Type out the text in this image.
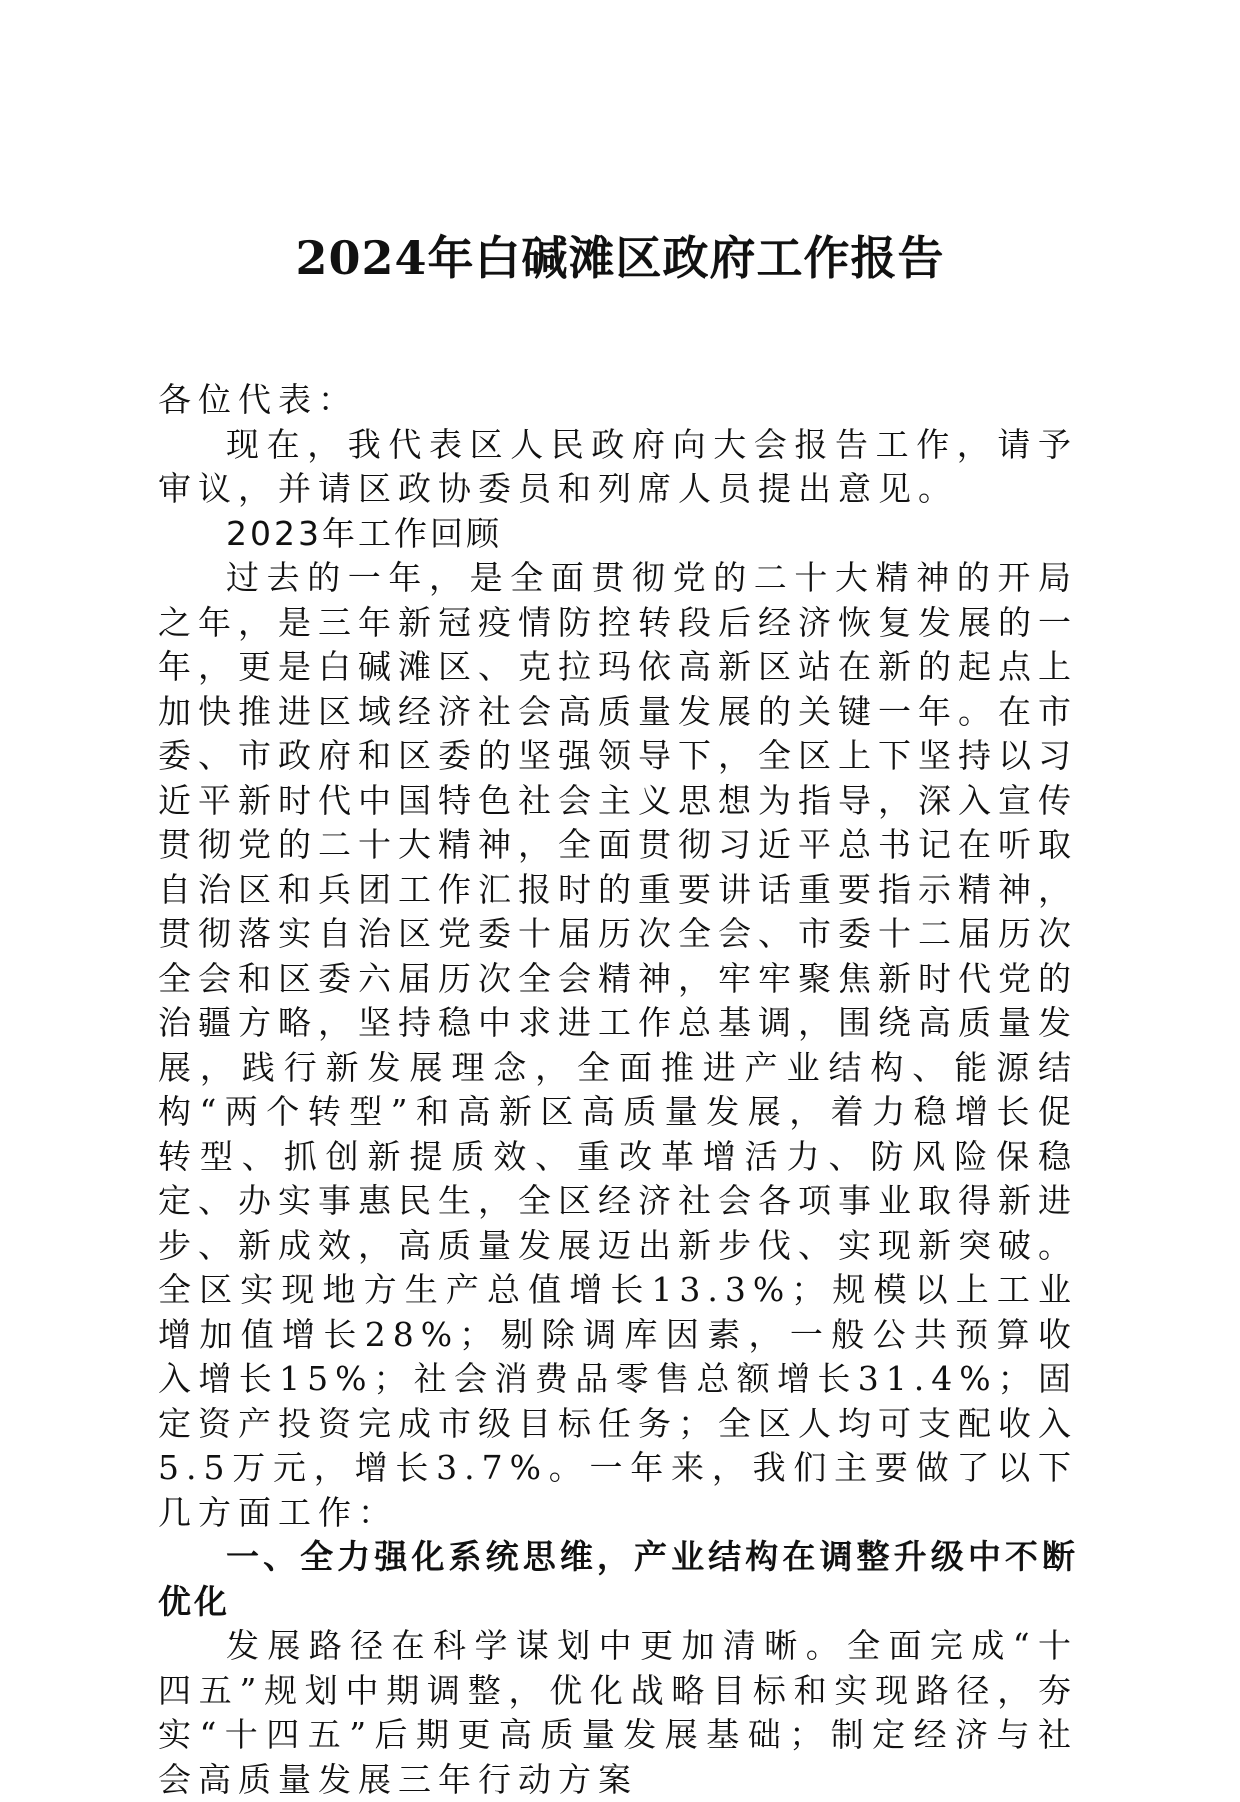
2024年白碱滩区政府工作报告

各位代表：

现在，我代表区人民政府向大会报告工作，请予审议，并请区政协委员和列席人员提出意见。

2023年工作回顾

过去的一年，是全面贯彻党的二十大精神的开局之年，是三年新冠疫情防控转段后经济恢复发展的一年，更是白碱滩区、克拉玛依高新区站在新的起点上加快推进区域经济社会高质量发展的关键一年。在市委、市政府和区委的坚强领导下，全区上下坚持以习近平新时代中国特色社会主义思想为指导，深入宣传贯彻党的二十大精神，全面贯彻习近平总书记在听取自治区和兵团工作汇报时的重要讲话重要指示精神，贯彻落实自治区党委十届历次全会、市委十二届历次全会和区委六届历次全会精神，牢牢聚焦新时代党的治疆方略，坚持稳中求进工作总基调，围绕高质量发展，践行新发展理念，全面推进产业结构、能源结构“两个转型”和高新区高质量发展，着力稳增长促转型、抓创新提质效、重改革增活力、防风险保稳定、办实事惠民生，全区经济社会各项事业取得新进步、新成效，高质量发展迈出新步伐、实现新突破。全区实现地方生产总值增长13.3%；规模以上工业增加值增长28%；剔除调库因素，一般公共预算收入增长15%；社会消费品零售总额增长31.4%；固定资产投资完成市级目标任务；全区人均可支配收入5.5万元，增长3.7%。一年来，我们主要做了以下几方面工作：

一、全力强化系统思维，产业结构在调整升级中不断优化

发展路径在科学谋划中更加清晰。全面完成“十四五”规划中期调整，优化战略目标和实现路径，夯实“十四五”后期更高质量发展基础；制定经济与社会高质量发展三年行动方案
